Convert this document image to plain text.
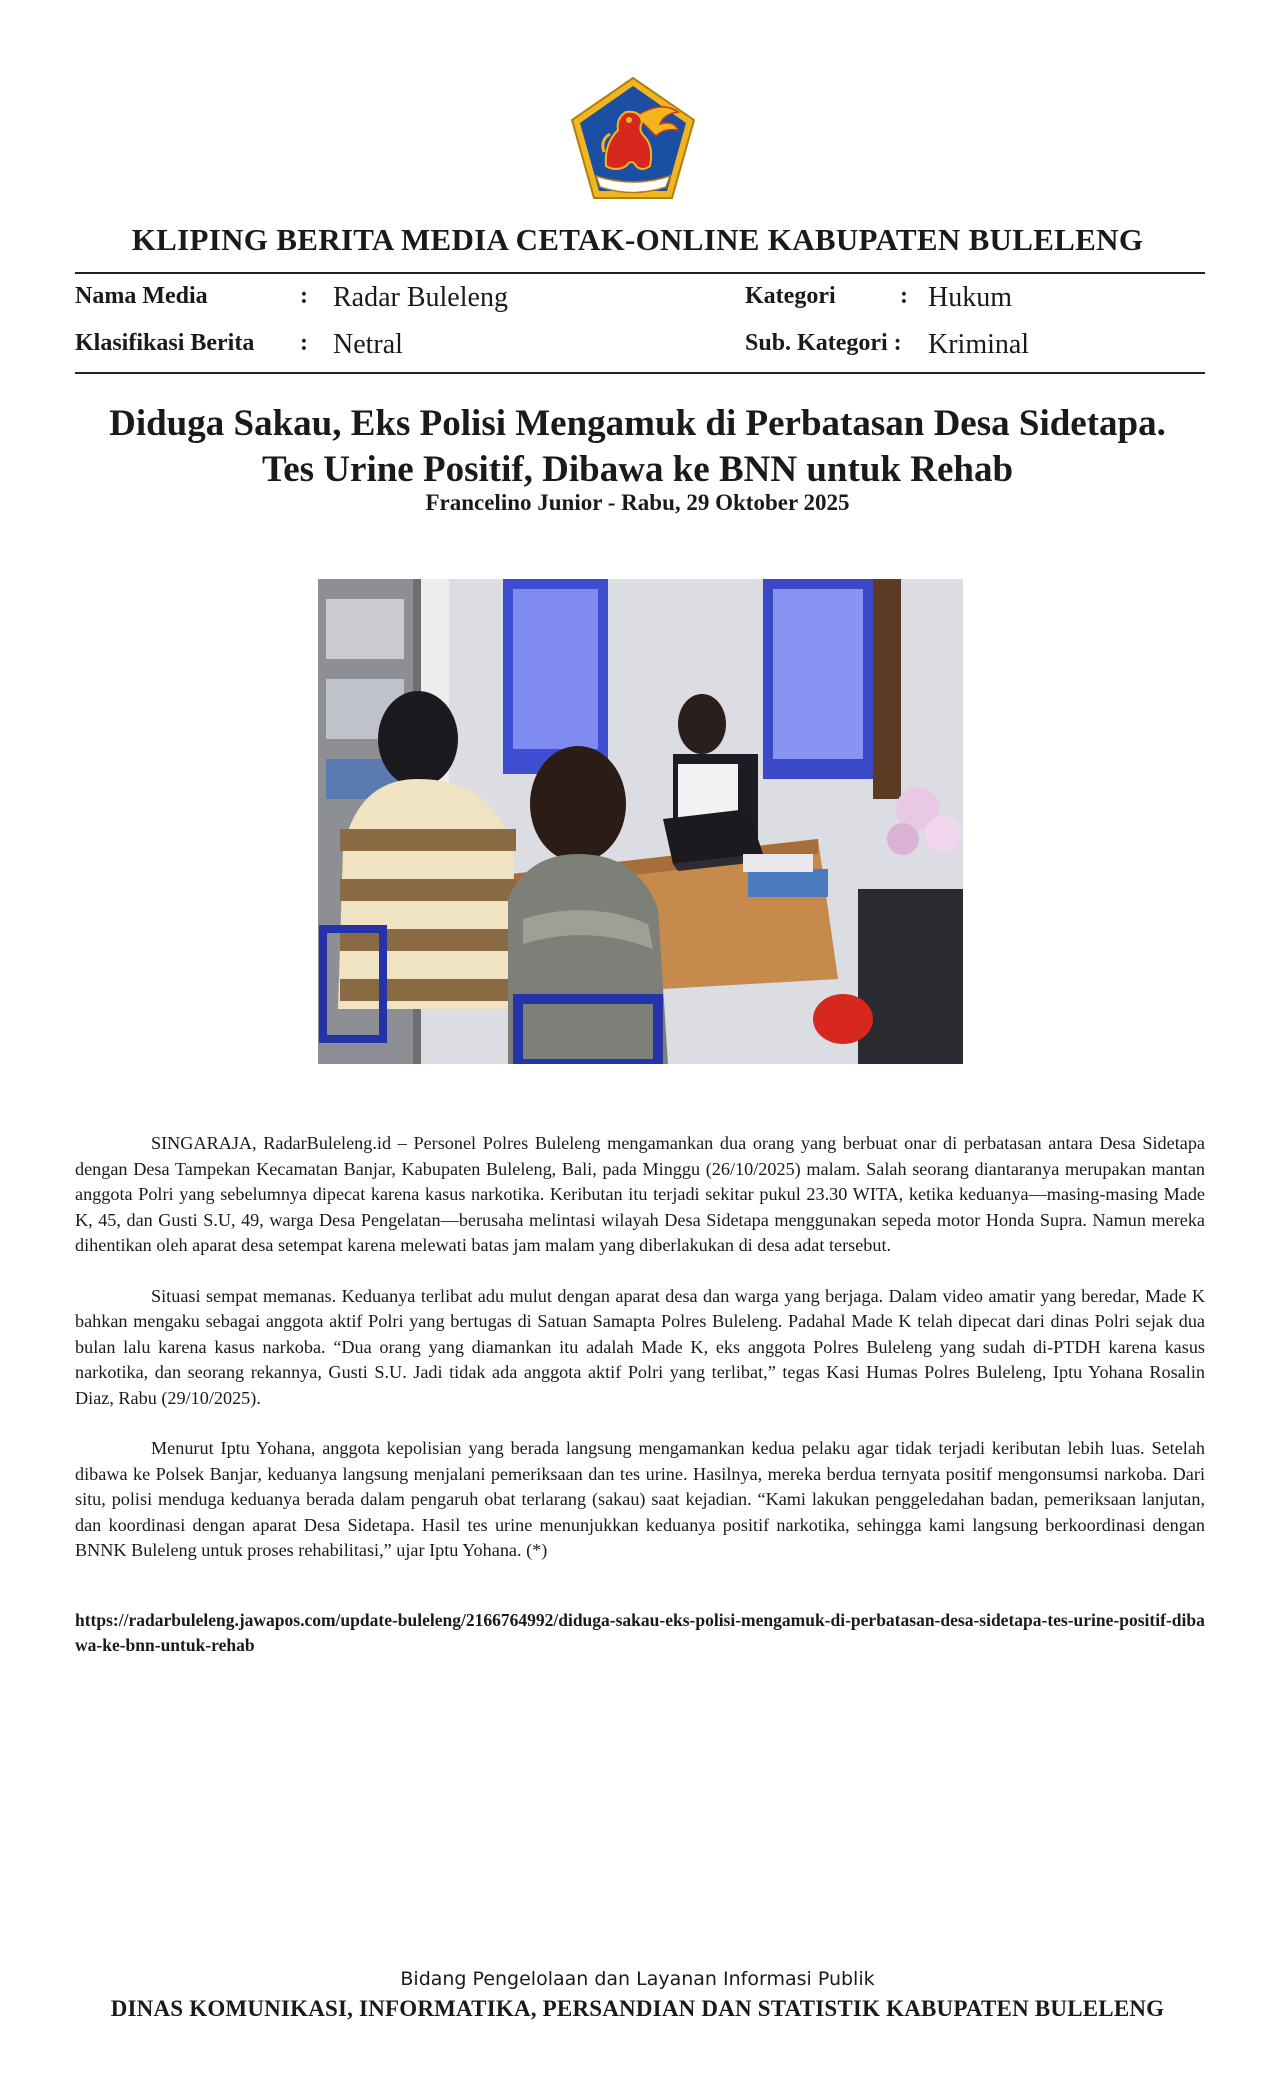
KLIPING BERITA MEDIA CETAK-ONLINE KABUPATEN BULELENG
Nama Media	: Radar Buleleng
Klasifikasi Berita : Netral
Kategori	: Hukum
Sub. Kategori : Kriminal
Diduga Sakau, Eks Polisi Mengamuk di Perbatasan Desa Sidetapa.
Tes Urine Positif, Dibawa ke BNN untuk Rehab
Francelino Junior - Rabu, 29 Oktober 2025

SINGARAJA, RadarBuleleng.id – Personel Polres Buleleng mengamankan dua orang yang berbuat onar di perbatasan antara Desa Sidetapa dengan Desa Tampekan Kecamatan Banjar, Kabupaten Buleleng, Bali, pada Minggu (26/10/2025) malam. Salah seorang diantaranya merupakan mantan anggota Polri yang sebelumnya dipecat karena kasus narkotika. Keributan itu terjadi sekitar pukul 23.30 WITA, ketika keduanya—masing-masing Made K, 45, dan Gusti S.U, 49, warga Desa Pengelatan—berusaha melintasi wilayah Desa Sidetapa menggunakan sepeda motor Honda Supra. Namun mereka dihentikan oleh aparat desa setempat karena melewati batas jam malam yang diberlakukan di desa adat tersebut.

Situasi sempat memanas. Keduanya terlibat adu mulut dengan aparat desa dan warga yang berjaga. Dalam video amatir yang beredar, Made K bahkan mengaku sebagai anggota aktif Polri yang bertugas di Satuan Samapta Polres Buleleng. Padahal Made K telah dipecat dari dinas Polri sejak dua bulan lalu karena kasus narkoba. “Dua orang yang diamankan itu adalah Made K, eks anggota Polres Buleleng yang sudah di-PTDH karena kasus narkotika, dan seorang rekannya, Gusti S.U. Jadi tidak ada anggota aktif Polri yang terlibat,” tegas Kasi Humas Polres Buleleng, Iptu Yohana Rosalin Diaz, Rabu (29/10/2025).

Menurut Iptu Yohana, anggota kepolisian yang berada langsung mengamankan kedua pelaku agar tidak terjadi keributan lebih luas. Setelah dibawa ke Polsek Banjar, keduanya langsung menjalani pemeriksaan dan tes urine. Hasilnya, mereka berdua ternyata positif mengonsumsi narkoba. Dari situ, polisi menduga keduanya berada dalam pengaruh obat terlarang (sakau) saat kejadian. “Kami lakukan penggeledahan badan, pemeriksaan lanjutan, dan koordinasi dengan aparat Desa Sidetapa. Hasil tes urine menunjukkan keduanya positif narkotika, sehingga kami langsung berkoordinasi dengan BNNK Buleleng untuk proses rehabilitasi,” ujar Iptu Yohana. (*)

https://radarbuleleng.jawapos.com/update-buleleng/2166764992/diduga-sakau-eks-polisi-mengamuk-di-perbatasan-desa-sidetapa-tes-urine-positif-dibawa-ke-bnn-untuk-rehab
Bidang Pengelolaan dan Layanan Informasi Publik
DINAS KOMUNIKASI, INFORMATIKA, PERSANDIAN DAN STATISTIK KABUPATEN BULELENG
